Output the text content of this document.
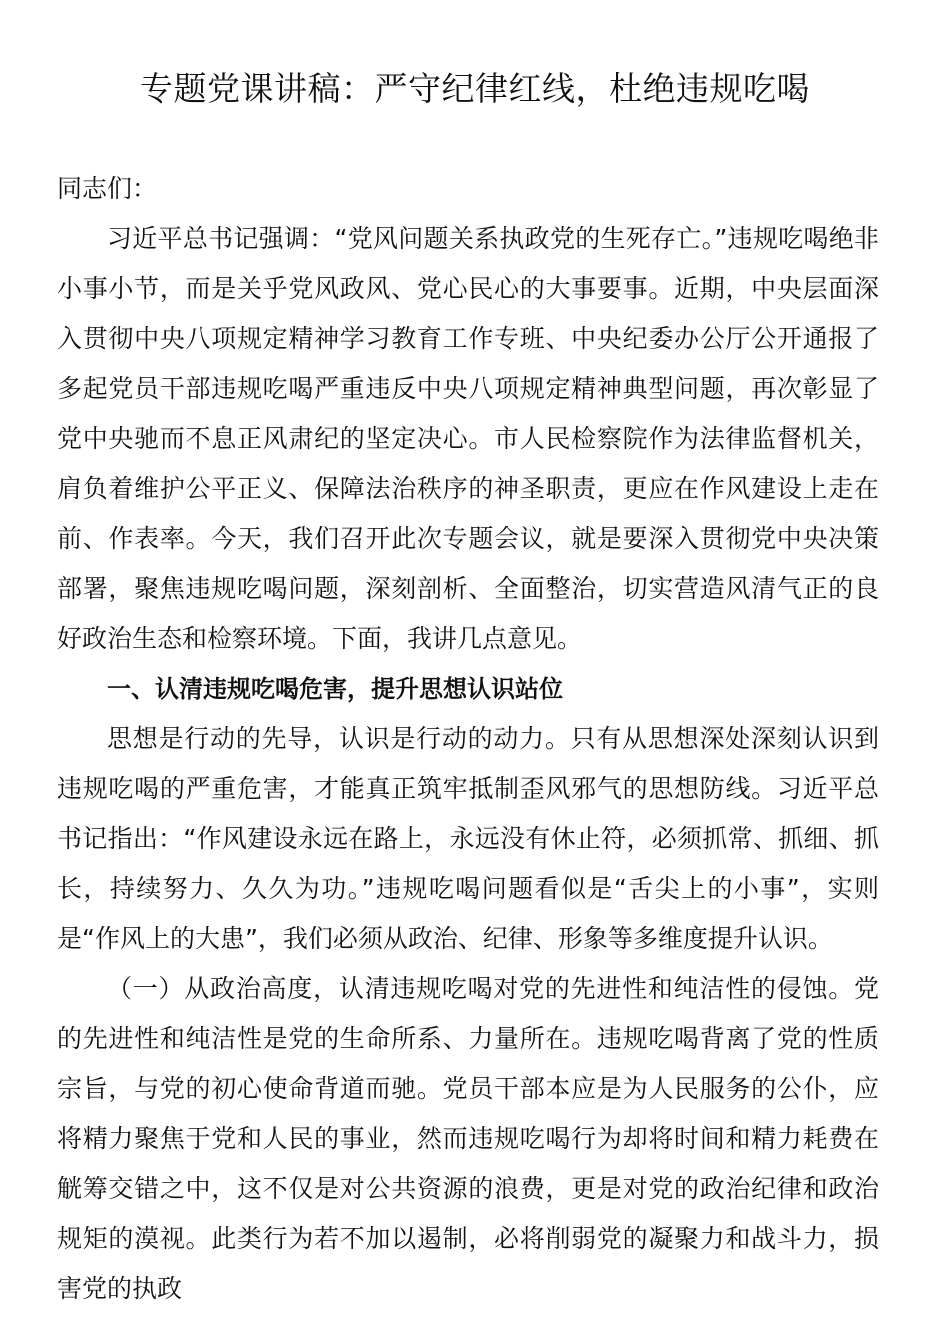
专题党课讲稿：严守纪律红线，杜绝违规吃喝

同志们：

习近平总书记强调：“党风问题关系执政党的生死存亡。”违规吃喝绝非小事小节，而是关乎党风政风、党心民心的大事要事。近期，中央层面深入贯彻中央八项规定精神学习教育工作专班、中央纪委办公厅公开通报了多起党员干部违规吃喝严重违反中央八项规定精神典型问题，再次彰显了党中央驰而不息正风肃纪的坚定决心。市人民检察院作为法律监督机关，肩负着维护公平正义、保障法治秩序的神圣职责，更应在作风建设上走在前、作表率。今天，我们召开此次专题会议，就是要深入贯彻党中央决策部署，聚焦违规吃喝问题，深刻剖析、全面整治，切实营造风清气正的良好政治生态和检察环境。下面，我讲几点意见。

一、认清违规吃喝危害，提升思想认识站位

思想是行动的先导，认识是行动的动力。只有从思想深处深刻认识到违规吃喝的严重危害，才能真正筑牢抵制歪风邪气的思想防线。习近平总书记指出：“作风建设永远在路上，永远没有休止符，必须抓常、抓细、抓长，持续努力、久久为功。”违规吃喝问题看似是“舌尖上的小事”，实则是“作风上的大患”，我们必须从政治、纪律、形象等多维度提升认识。

（一）从政治高度，认清违规吃喝对党的先进性和纯洁性的侵蚀。党的先进性和纯洁性是党的生命所系、力量所在。违规吃喝背离了党的性质宗旨，与党的初心使命背道而驰。党员干部本应是为人民服务的公仆，应将精力聚焦于党和人民的事业，然而违规吃喝行为却将时间和精力耗费在觥筹交错之中，这不仅是对公共资源的浪费，更是对党的政治纪律和政治规矩的漠视。此类行为若不加以遏制，必将削弱党的凝聚力和战斗力，损害党的执政
